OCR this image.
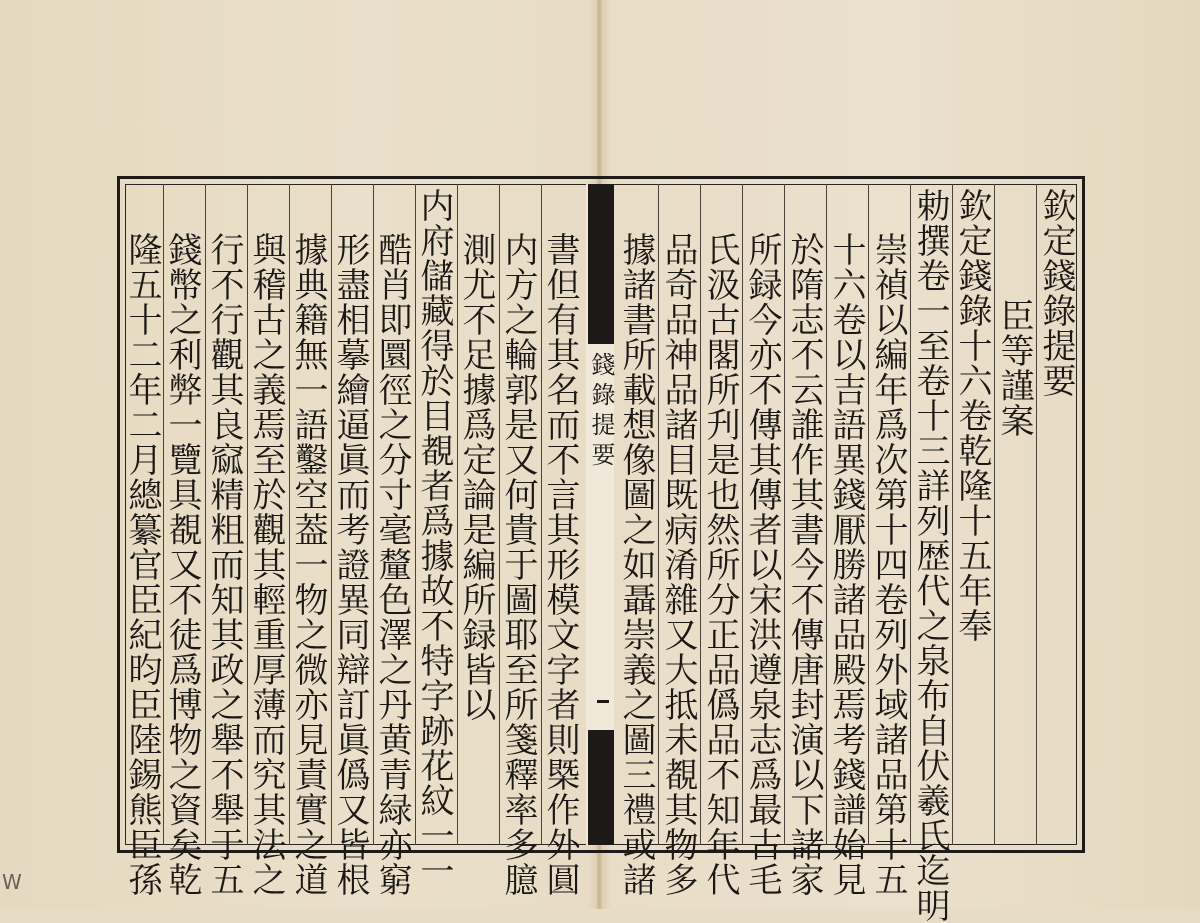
錢錄提要
欽定錢錄提要
臣等謹案
欽定錢錄十六卷乾隆十五年奉
勅撰卷一至卷十三詳列歴代之泉布自伏羲氏迄明
崇禎以編年爲次第十四卷列外域諸品第十五
十六卷以吉語異錢厭勝諸品殿焉考錢譜始見
於隋志不云誰作其書今不傳唐封演以下諸家
所録今亦不傳其傳者以宋洪遵泉志爲最古毛
氏汲古閣所刋是也然所分正品僞品不知年代
品奇品神品諸目既病淆雜又大抵未覩其物多
據諸書所載想像圖之如聶崇義之圖三禮或諸
書但有其名而不言其形模文字者則槩作外圓
内方之輪郭是又何貴于圖耶至所箋釋率多臆
測尤不足據爲定論是編所録皆以
内府儲藏得於目覩者爲據故不特字跡花紋一一
酷肖即圜徑之分寸毫釐色澤之丹黄青緑亦窮
形盡相摹繪逼眞而考證異同辯訂眞僞又皆根
據典籍無一語鑿空葢一物之微亦見責實之道
與稽古之義焉至於觀其輕重厚薄而究其法之
行不行觀其良窳精粗而知其政之舉不舉于五
錢幣之利弊一覽具覩又不徒爲博物之資矣乾
隆五十二年二月總纂官臣紀昀臣陸錫熊臣孫
W
